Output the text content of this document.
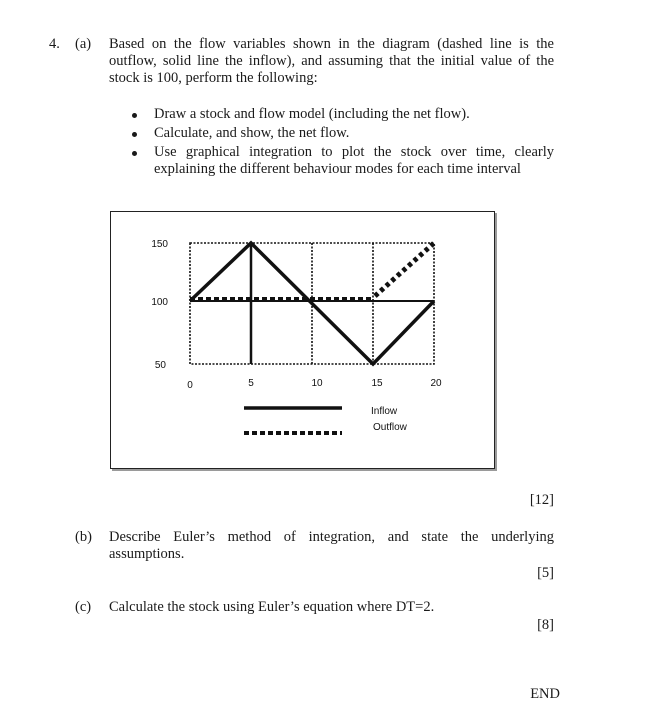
4. (a) Based on the flow variables shown in the diagram (dashed line is the
outflow, solid line the inflow), and assuming that the initial value of the
stock is 100, perform the following:
Draw a stock and flow model (including the net flow).
Calculate, and show, the net flow.
Use graphical integration to plot the stock over time, clearly
explaining the different behaviour modes for each time interval
150
100
50
0	5	10	15	20
Inflow
Outflow
[12]
(b) Describe Euler’s method of integration, and state the underlying
assumptions.
[5]
(c) Calculate the stock using Euler’s equation where DT=2.
[8]
END
